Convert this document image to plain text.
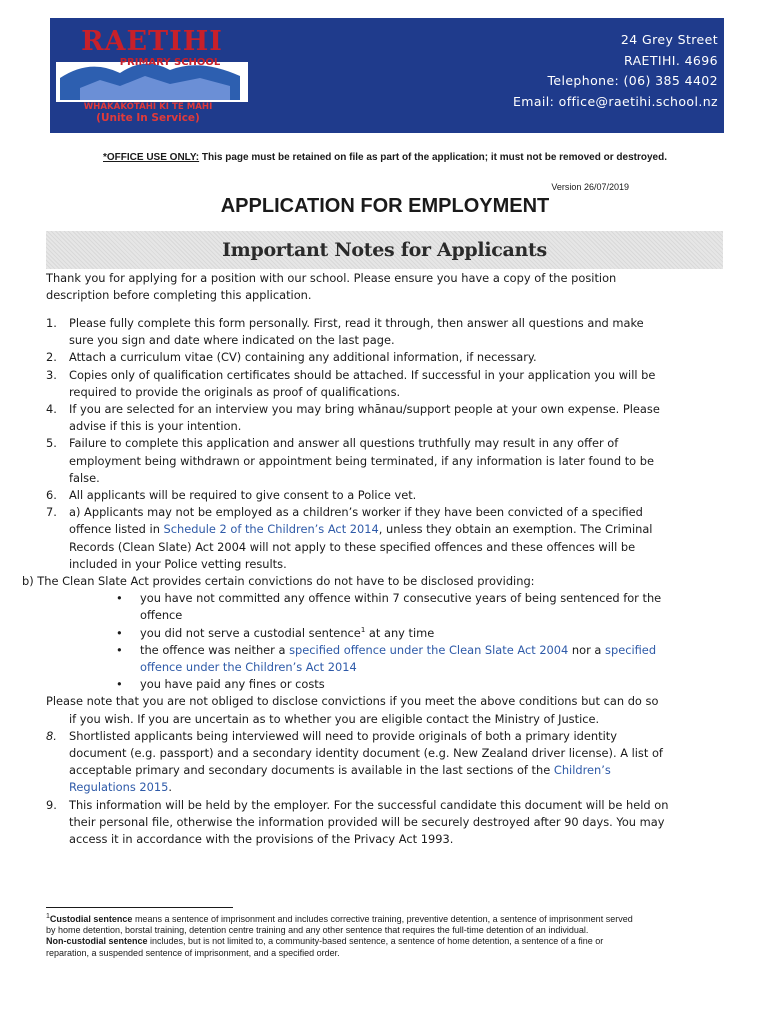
RAETIHI
PRIMARY SCHOOL
WHAKAKOTAHI KI TE MAHI
(Unite In Service)
24 Grey Street
RAETIHI. 4696
Telephone: (06) 385 4402
Email: office@raetihi.school.nz
*OFFICE USE ONLY: This page must be retained on file as part of the application; it must not be removed or destroyed.
Version 26/07/2019
APPLICATION FOR EMPLOYMENT
Important Notes for Applicants
Thank you for applying for a position with our school. Please ensure you have a copy of the position
description before completing this application.
1. Please fully complete this form personally. First, read it through, then answer all questions and make
sure you sign and date where indicated on the last page.
2. Attach a curriculum vitae (CV) containing any additional information, if necessary.
3. Copies only of qualification certificates should be attached. If successful in your application you will be
required to provide the originals as proof of qualifications.
4. If you are selected for an interview you may bring whānau/support people at your own expense. Please
advise if this is your intention.
5. Failure to complete this application and answer all questions truthfully may result in any offer of
employment being withdrawn or appointment being terminated, if any information is later found to be
false.
6. All applicants will be required to give consent to a Police vet.
7. a) Applicants may not be employed as a children’s worker if they have been convicted of a specified
offence listed in Schedule 2 of the Children’s Act 2014, unless they obtain an exemption. The Criminal
Records (Clean Slate) Act 2004 will not apply to these specified offences and these offences will be
included in your Police vetting results.
b) The Clean Slate Act provides certain convictions do not have to be disclosed providing:
• you have not committed any offence within 7 consecutive years of being sentenced for the
offence
• you did not serve a custodial sentence$^1$ at any time
• the offence was neither a specified offence under the Clean Slate Act 2004 nor a specified
offence under the Children’s Act 2014
• you have paid any fines or costs
Please note that you are not obliged to disclose convictions if you meet the above conditions but can do so
if you wish. If you are uncertain as to whether you are eligible contact the Ministry of Justice.
8. Shortlisted applicants being interviewed will need to provide originals of both a primary identity
document (e.g. passport) and a secondary identity document (e.g. New Zealand driver license). A list of
acceptable primary and secondary documents is available in the last sections of the Children’s
Regulations 2015.
9. This information will be held by the employer. For the successful candidate this document will be held on
their personal file, otherwise the information provided will be securely destroyed after 90 days. You may
access it in accordance with the provisions of the Privacy Act 1993.
$^1$Custodial sentence means a sentence of imprisonment and includes corrective training, preventive detention, a sentence of imprisonment served
by home detention, borstal training, detention centre training and any other sentence that requires the full-time detention of an individual.
Non-custodial sentence includes, but is not limited to, a community-based sentence, a sentence of home detention, a sentence of a fine or
reparation, a suspended sentence of imprisonment, and a specified order.
